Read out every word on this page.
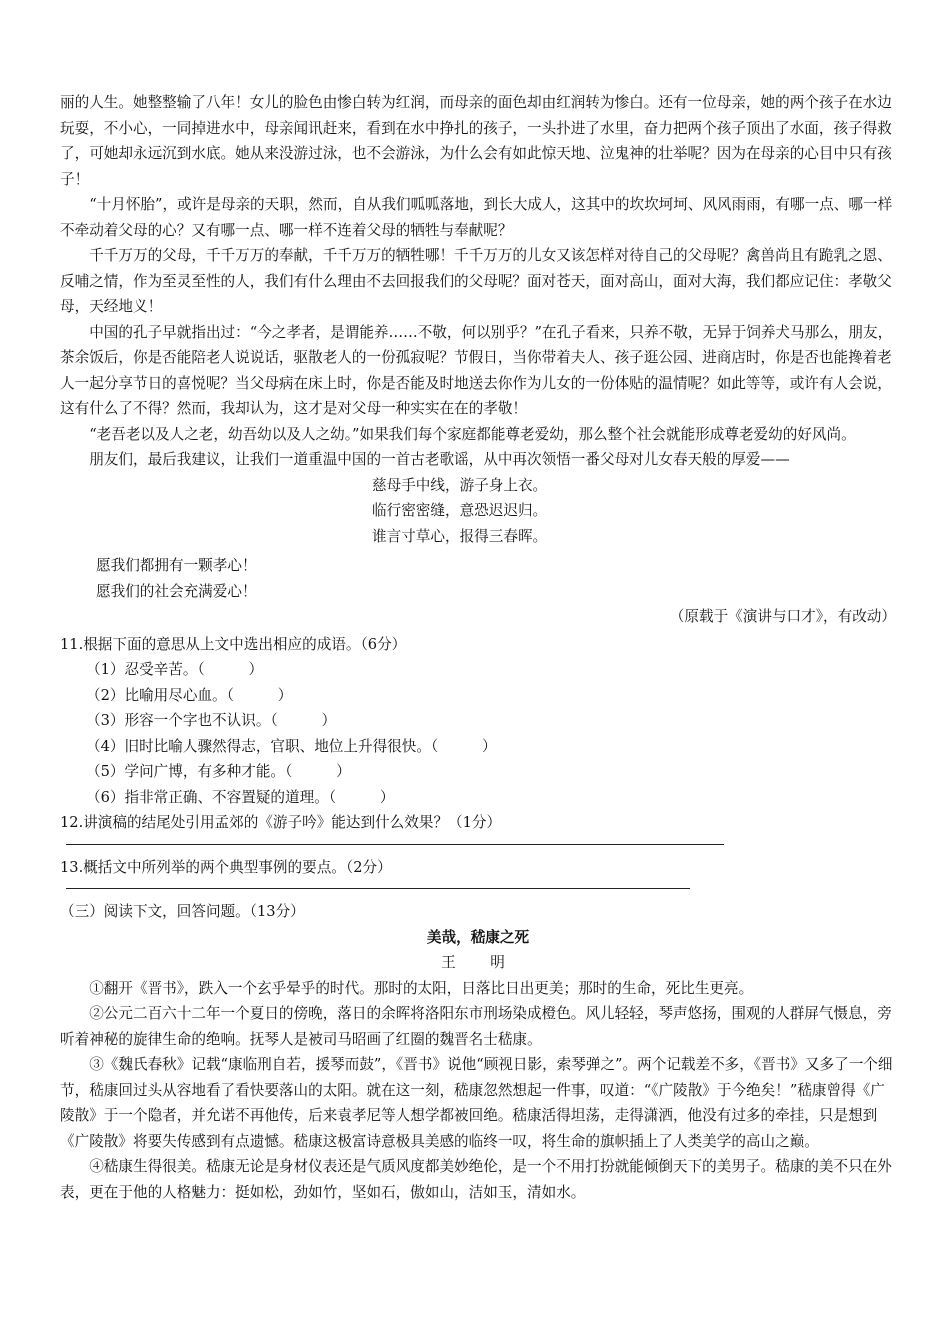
丽的人生。她整整输了八年！女儿的脸色由惨白转为红润，而母亲的面色却由红润转为惨白。还有一位母亲，她的两个孩子在水边玩耍，不小心，一同掉进水中，母亲闻讯赶来，看到在水中挣扎的孩子，一头扑进了水里，奋力把两个孩子顶出了水面，孩子得救了，可她却永远沉到水底。她从来没游过泳，也不会游泳，为什么会有如此惊天地、泣鬼神的壮举呢？因为在母亲的心目中只有孩子！

“十月怀胎”，或许是母亲的天职，然而，自从我们呱呱落地，到长大成人，这其中的坎坎坷坷、风风雨雨，有哪一点、哪一样不牵动着父母的心？又有哪一点、哪一样不连着父母的牺牲与奉献呢？

千千万万的父母，千千万万的奉献，千千万万的牺牲哪！千千万万的儿女又该怎样对待自己的父母呢？禽兽尚且有跪乳之恩、反哺之情，作为至灵至性的人，我们有什么理由不去回报我们的父母呢？面对苍天，面对高山，面对大海，我们都应记住：孝敬父母，天经地义！

中国的孔子早就指出过：“今之孝者，是谓能养……不敬，何以别乎？”在孔子看来，只养不敬，无异于饲养犬马那么，朋友，茶余饭后，你是否能陪老人说说话，驱散老人的一份孤寂呢？节假日，当你带着夫人、孩子逛公园、进商店时，你是否也能搀着老人一起分享节日的喜悦呢？当父母病在床上时，你是否能及时地送去你作为儿女的一份体贴的温情呢？如此等等，或许有人会说，这有什么了不得？然而，我却认为，这才是对父母一种实实在在的孝敬！

“老吾老以及人之老，幼吾幼以及人之幼。”如果我们每个家庭都能尊老爱幼，那么整个社会就能形成尊老爱幼的好风尚。

朋友们，最后我建议，让我们一道重温中国的一首古老歌谣，从中再次领悟一番父母对儿女春天般的厚爱——

慈母手中线，游子身上衣。

临行密密缝，意恐迟迟归。

谁言寸草心，报得三春晖。

愿我们都拥有一颗孝心！

愿我们的社会充满爱心！

（原载于《演讲与口才》，有改动）

11.根据下面的意思从上文中选出相应的成语。（6分）

（1）忍受辛苦。（　　　）

（2）比喻用尽心血。（　　　）

（3）形容一个字也不认识。（　　　）

（4）旧时比喻人骤然得志，官职、地位上升得很快。（　　　）

（5）学问广博，有多种才能。（　　　）

（6）指非常正确、不容置疑的道理。（　　　）

12.讲演稿的结尾处引用孟郊的《游子吟》能达到什么效果？（1分）

13.概括文中所列举的两个典型事例的要点。（2分）

（三）阅读下文，回答问题。（13分）

美哉，嵇康之死

王　明

①翻开《晋书》，跌入一个玄乎晕乎的时代。那时的太阳，日落比日出更美；那时的生命，死比生更亮。

②公元二百六十二年一个夏日的傍晚，落日的余晖将洛阳东市刑场染成橙色。风儿轻轻，琴声悠扬，围观的人群屏气慑息，旁听着神秘的旋律生命的绝响。抚琴人是被司马昭画了红圈的魏晋名士嵇康。

③《魏氏春秋》记载“康临刑自若，援琴而鼓”，《晋书》说他“顾视日影，索琴弹之”。两个记载差不多，《晋书》又多了一个细节，嵇康回过头从容地看了看快要落山的太阳。就在这一刻，嵇康忽然想起一件事，叹道：“《广陵散》于今绝矣！”嵇康曾得《广陵散》于一个隐者，并允诺不再他传，后来袁孝尼等人想学都被回绝。嵇康活得坦荡，走得潇洒，他没有过多的牵挂，只是想到《广陵散》将要失传感到有点遗憾。嵇康这极富诗意极具美感的临终一叹，将生命的旗帜插上了人类美学的高山之巅。

④嵇康生得很美。嵇康无论是身材仪表还是气质风度都美妙绝伦，是一个不用打扮就能倾倒天下的美男子。嵇康的美不只在外表，更在于他的人格魅力：挺如松，劲如竹，坚如石，傲如山，洁如玉，清如水。
